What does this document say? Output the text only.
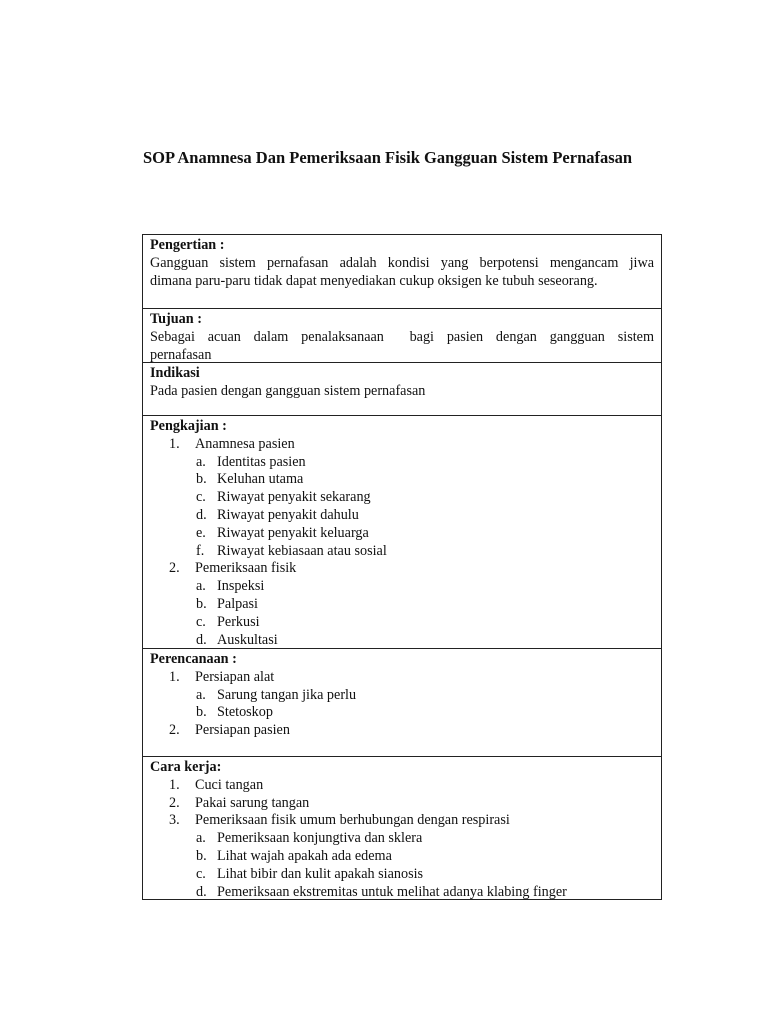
SOP Anamnesa Dan Pemeriksaan Fisik Gangguan Sistem Pernafasan

Pengertian :

Gangguan sistem pernafasan adalah kondisi yang berpotensi mengancam jiwa

dimana paru-paru tidak dapat menyediakan cukup oksigen ke tubuh seseorang.

Tujuan :

Sebagai acuan dalam penalaksanaan  bagi pasien dengan gangguan sistem

pernafasan

Indikasi

Pada pasien dengan gangguan sistem pernafasan

Pengkajian :

1. Anamnesa pasien
a. Identitas pasien
b. Keluhan utama
c. Riwayat penyakit sekarang
d. Riwayat penyakit dahulu
e. Riwayat penyakit keluarga
f. Riwayat kebiasaan atau sosial
2. Pemeriksaan fisik
a. Inspeksi
b. Palpasi
c. Perkusi
d. Auskultasi

Perencanaan :

1. Persiapan alat
a. Sarung tangan jika perlu
b. Stetoskop
2. Persiapan pasien

Cara kerja:

1. Cuci tangan
2. Pakai sarung tangan
3. Pemeriksaan fisik umum berhubungan dengan respirasi
a. Pemeriksaan konjungtiva dan sklera
b. Lihat wajah apakah ada edema
c. Lihat bibir dan kulit apakah sianosis
d. Pemeriksaan ekstremitas untuk melihat adanya klabing finger
